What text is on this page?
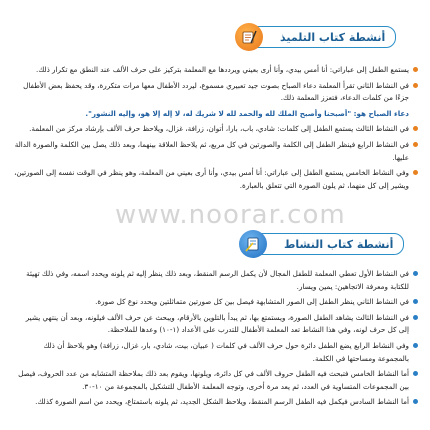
أنشطة كتاب التلميذ

يستمع الطفل إلى عباراتي: أنا أمس بيدي، وأنا أرى بعيني ويرددها مع المعلمة بتركيز على حرف الألف عند النطق مع تكرار ذلك.

في النشاط الثاني تقرأ المعلمة دعاء الصباح بصوت جيد تعبيري مسموع، ليردد الأطفال معها مرات متكررة، وقد يحفظ بعض الأطفال جزءًا من كلمات الدعاء، فتعزز المعلمة ذلك.

دعاء الصباح هو: "أصبحنا وأصبح الملك لله والحمد لله لا شريك له، لا إله إلا هو، وإليه النشور".

في النشاط الثالث يستمع الطفل إلى كلمات: شادي، باب، بارا، أتوان، زرافة، غزال، ويلاحظ حرف الألف بإرشاد مركز من المعلمة.

في النشاط الرابع فينظر الطفل إلى الكلمة والصورتين في كل مربع، ثم يلاحظ العلاقة بينهما، وبعد ذلك يصل بين الكلمة والصورة الدالة عليها.

وفي النشاط الخامس يستمع الطفل إلى عباراتي: أنا أمس بيدي، وأنا أرى بعيني من المعلمة، وهو ينظر في الوقت نفسه إلى الصورتين، ويشير إلى كل منهما، ثم يلون الصورة التي تتعلق بالعبارة.

www.noorar.com
أنشطة كتاب النشاط

في النشاط الأول تعطي المعلمة للطفل المجال لأن يكمل الرسم المنقط، وبعد ذلك ينظر إليه ثم يلونه ويحدد اسمه، وفي ذلك تهيئة للكتابة ومعرفة الاتجاهين: يمين ويسار.

في النشاط الثاني ينظر الطفل إلى الصور المتشابهة فيصل بين كل صورتين متماثلتين ويحدد نوع كل صورة.

في النشاط الثالث يشاهد الطفل الصورة، ويستمتع بها، ثم يبدأ بالتلوين بالأرقام، ويبحث عن حرف الألف فيلونه، وبعد أن ينتهي يشير إلى كل حرف لونه، وفي هذا النشاط تعد المعلمة الأطفال للتدرب على الأعداد (١-١٠) وعدها للملاحظة.

وفي النشاط الرابع يضع الطفل دائرة حول حرف الألف في كلمات ( عبيان، بيت، شادي، بار، غزال، زرافة) وهو يلاحظ أن ذلك بالمجموعة ومساحتها في الكلمة.

أما النشاط الخامس فتبحث فيه الطفل حروف الألف في كل دائرة، ويلونها، ويقوم بعد ذلك بملاحظة المتشابه من عدد الحروف، فيصل بين المجموعات المتساوية في العدد، ثم يعد مرة أخرى، وتوجه المعلمة الأطفال للتشكيل بالمجموعة من ١٠-٣٠.

أما النشاط السادس فيكمل فيه الطفل الرسم المنقط، ويلاحظ الشكل الجديد، ثم يلونه باستمتاع، ويحدد من اسم الصورة كذلك.
